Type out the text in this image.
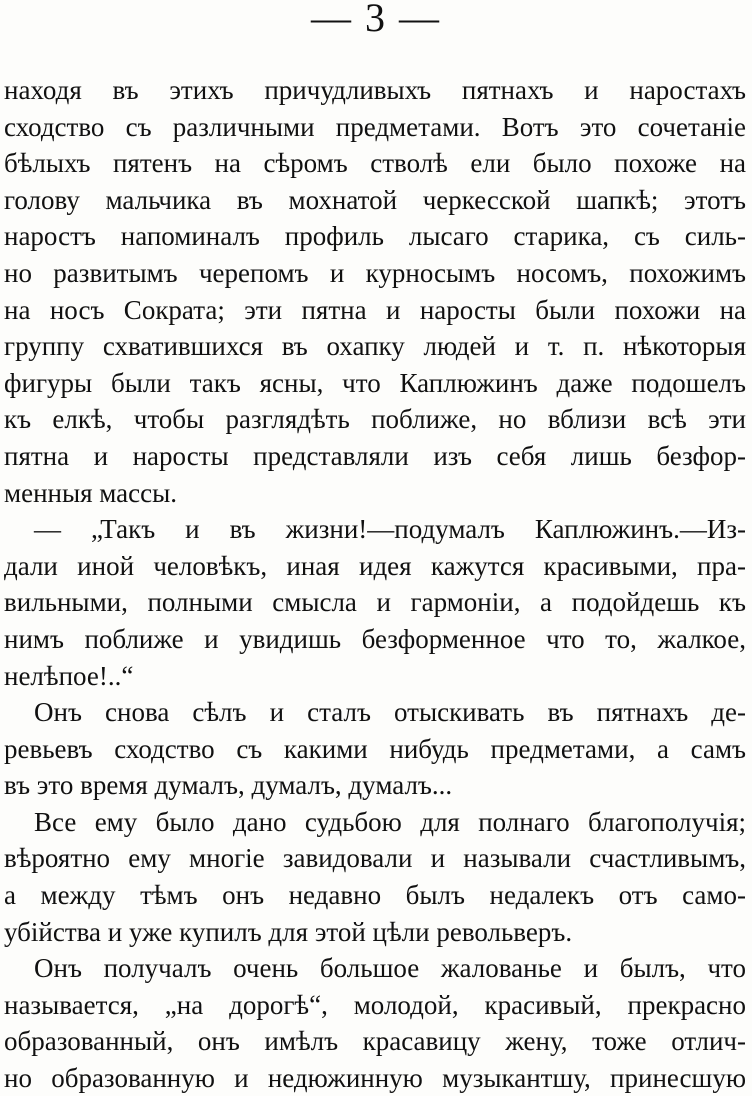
— 3 —
находя въ этихъ причудливыхъ пятнахъ и наростахъ
сходство съ различными предметами. Вотъ это сочетанiе
бѣлыхъ пятенъ на сѣромъ стволѣ ели было похоже на
голову мальчика въ мохнатой черкесской шапкѣ; этотъ
наростъ напоминалъ профиль лысаго старика, съ силь-
но развитымъ черепомъ и курносымъ носомъ, похожимъ
на носъ Сократа; эти пятна и наросты были похожи на
группу схватившихся въ охапку людей и т. п. нѣкоторыя
фигуры были такъ ясны, что Каплюжинъ даже подошелъ
къ елкѣ, чтобы разглядѣть поближе, но вблизи всѣ эти
пятна и наросты представляли изъ себя лишь безфор-
менныя массы.
— „Такъ и въ жизни!—подумалъ Каплюжинъ.—Из-
дали иной человѣкъ, иная идея кажутся красивыми, пра-
вильными, полными смысла и гармонiи, а подойдешь къ
нимъ поближе и увидишь безформенное что то, жалкое,
нелѣпое!..“
Онъ снова сѣлъ и сталъ отыскивать въ пятнахъ де-
ревьевъ сходство съ какими нибудь предметами, а самъ
въ это время думалъ, думалъ, думалъ...
Все ему было дано судьбою для полнаго благополучiя;
вѣроятно ему многiе завидовали и называли счастливымъ,
а между тѣмъ онъ недавно былъ недалекъ отъ само-
убiйства и уже купилъ для этой цѣли револьверъ.
Онъ получалъ очень большое жалованье и былъ, что
называется, „на дорогѣ“, молодой, красивый, прекрасно
образованный, онъ имѣлъ красавицу жену, тоже отлич-
но образованную и недюжинную музыкантшу, принесшую
